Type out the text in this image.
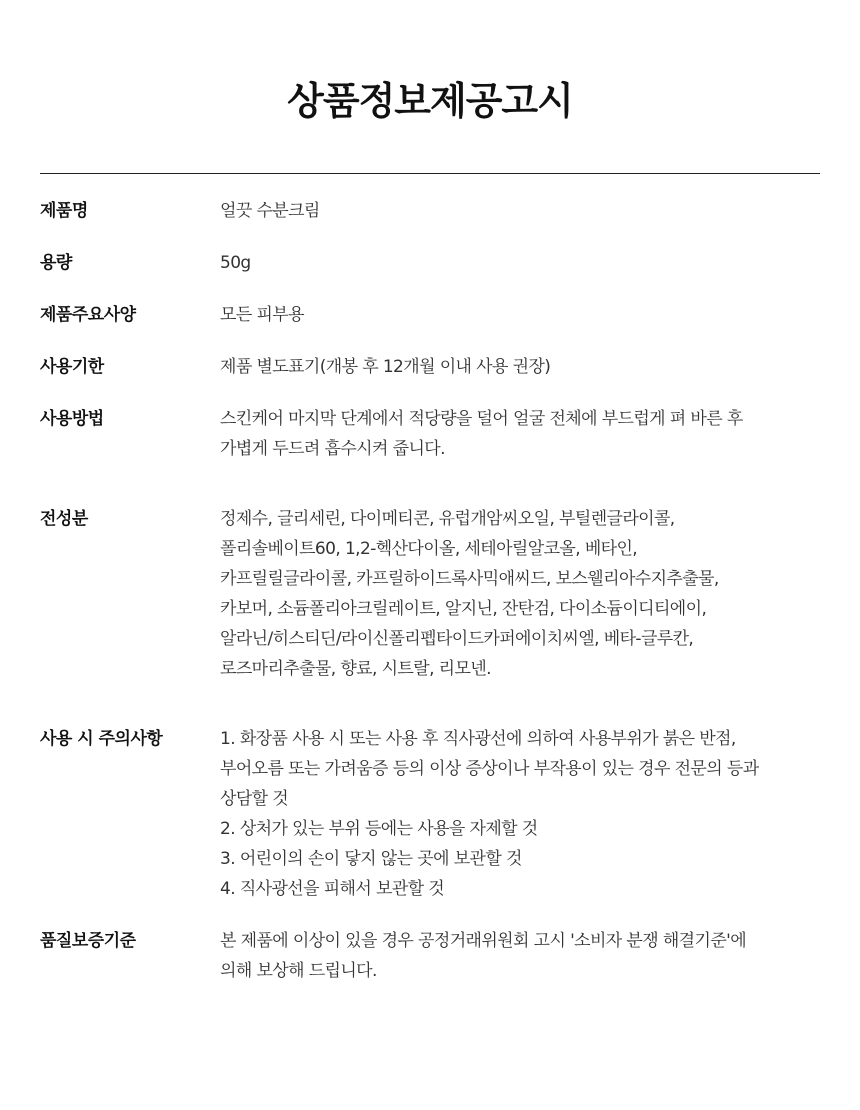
상품정보제공고시
제품명	얼끗 수분크림
용량	50g
제품주요사양	모든 피부용
사용기한	제품 별도표기(개봉 후 12개월 이내 사용 권장)
사용방법	스킨케어 마지막 단계에서 적당량을 덜어 얼굴 전체에 부드럽게 펴 바른 후
가볍게 두드려 흡수시켜 줍니다.
전성분	정제수, 글리세린, 다이메티콘, 유럽개암씨오일, 부틸렌글라이콜,
폴리솔베이트60, 1,2-헥산다이올, 세테아릴알코올, 베타인,
카프릴릴글라이콜, 카프릴하이드록사믹애씨드, 보스웰리아수지추출물,
카보머, 소듐폴리아크릴레이트, 알지닌, 잔탄검, 다이소듐이디티에이,
알라닌/히스티딘/라이신폴리펩타이드카퍼에이치씨엘, 베타-글루칸,
로즈마리추출물, 향료, 시트랄, 리모넨.
사용 시 주의사항	1. 화장품 사용 시 또는 사용 후 직사광선에 의하여 사용부위가 붉은 반점,
부어오름 또는 가려움증 등의 이상 증상이나 부작용이 있는 경우 전문의 등과
상담할 것
2. 상처가 있는 부위 등에는 사용을 자제할 것
3. 어린이의 손이 닿지 않는 곳에 보관할 것
4. 직사광선을 피해서 보관할 것
품질보증기준	본 제품에 이상이 있을 경우 공정거래위원회 고시 '소비자 분쟁 해결기준'에
의해 보상해 드립니다.
